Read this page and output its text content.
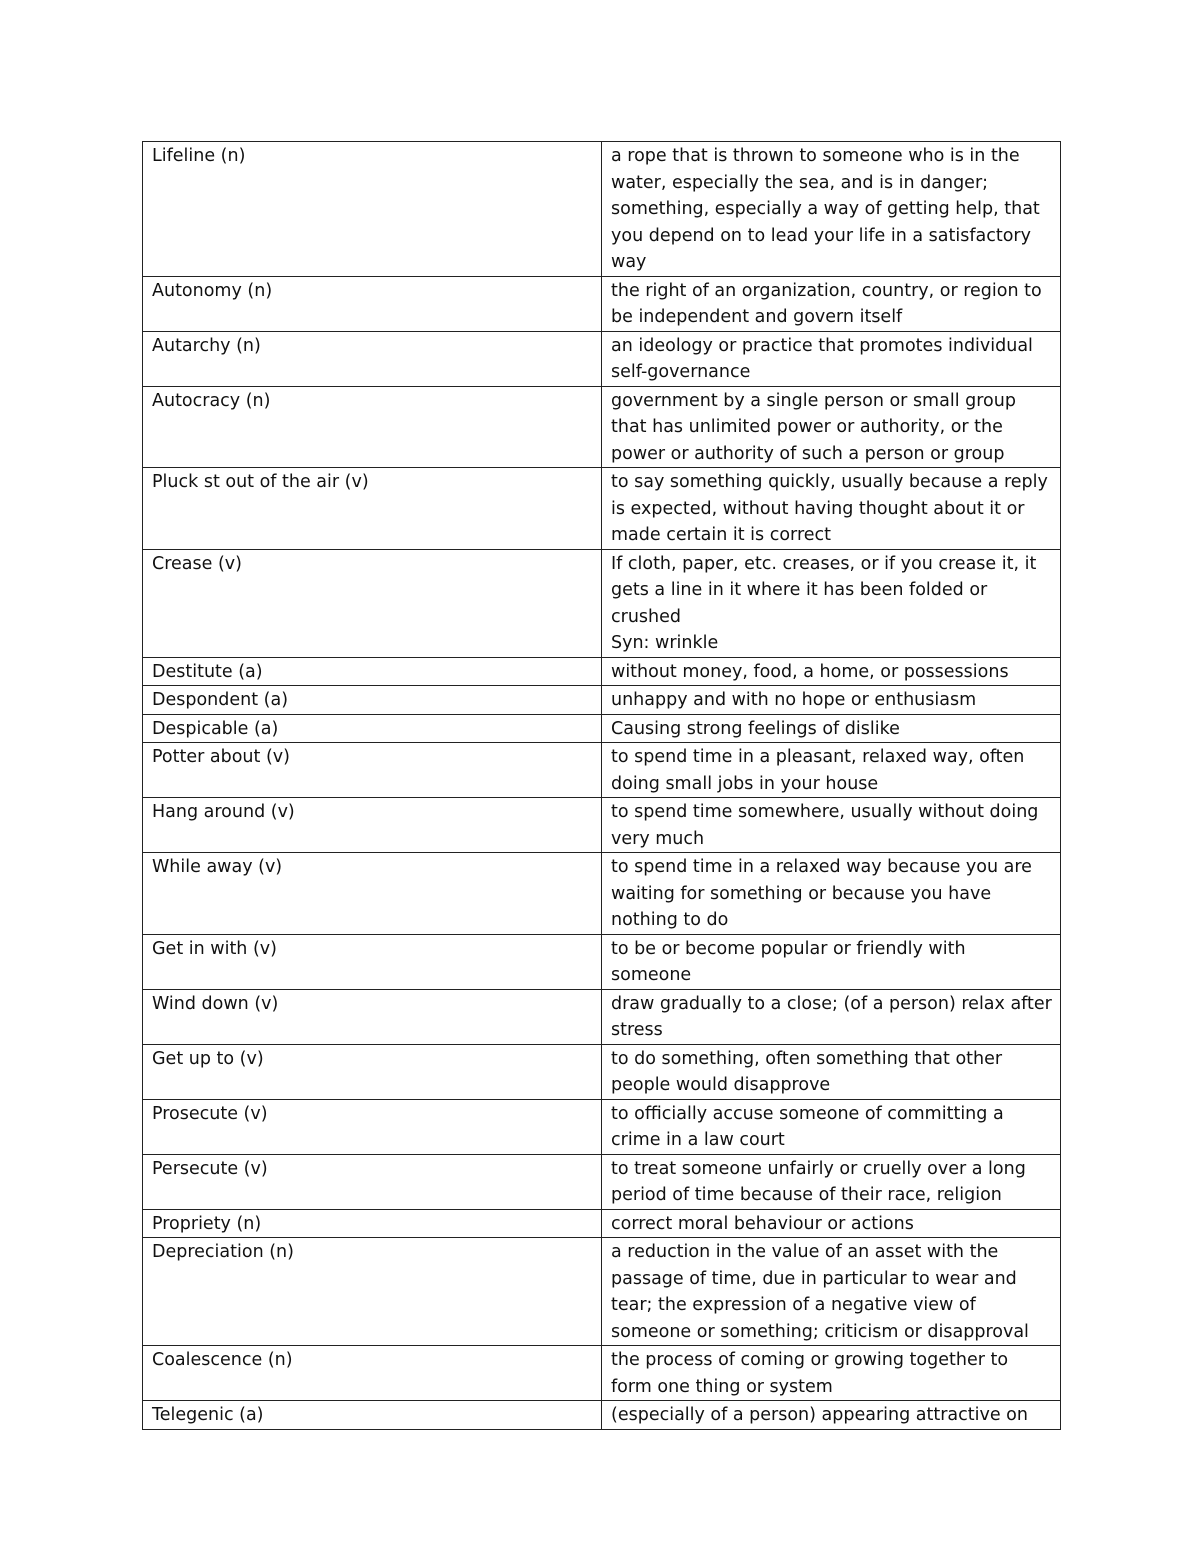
Lifeline (n)	a rope that is thrown to someone who is in the
water, especially the sea, and is in danger;
something, especially a way of getting help, that
you depend on to lead your life in a satisfactory
way

Autonomy (n)	the right of an organization, country, or region to
be independent and govern itself

Autarchy (n)	an ideology or practice that promotes individual
self-governance

Autocracy (n)	government by a single person or small group
that has unlimited power or authority, or the
power or authority of such a person or group

Pluck st out of the air (v)	to say something quickly, usually because a reply
is expected, without having thought about it or
made certain it is correct

Crease (v)	If cloth, paper, etc. creases, or if you crease it, it
gets a line in it where it has been folded or
crushed
Syn: wrinkle

Destitute (a)	without money, food, a home, or possessions

Despondent (a)	unhappy and with no hope or enthusiasm

Despicable (a)	Causing strong feelings of dislike

Potter about (v)	to spend time in a pleasant, relaxed way, often
doing small jobs in your house

Hang around (v)	to spend time somewhere, usually without doing
very much

While away (v)	to spend time in a relaxed way because you are
waiting for something or because you have
nothing to do

Get in with (v)	to be or become popular or friendly with
someone

Wind down (v)	draw gradually to a close; (of a person) relax after
stress

Get up to (v)	to do something, often something that other
people would disapprove

Prosecute (v)	to officially accuse someone of committing a
crime in a law court

Persecute (v)	to treat someone unfairly or cruelly over a long
period of time because of their race, religion

Propriety (n)	correct moral behaviour or actions

Depreciation (n)	a reduction in the value of an asset with the
passage of time, due in particular to wear and
tear; the expression of a negative view of
someone or something; criticism or disapproval

Coalescence (n)	the process of coming or growing together to
form one thing or system

Telegenic (a)	(especially of a person) appearing attractive on
